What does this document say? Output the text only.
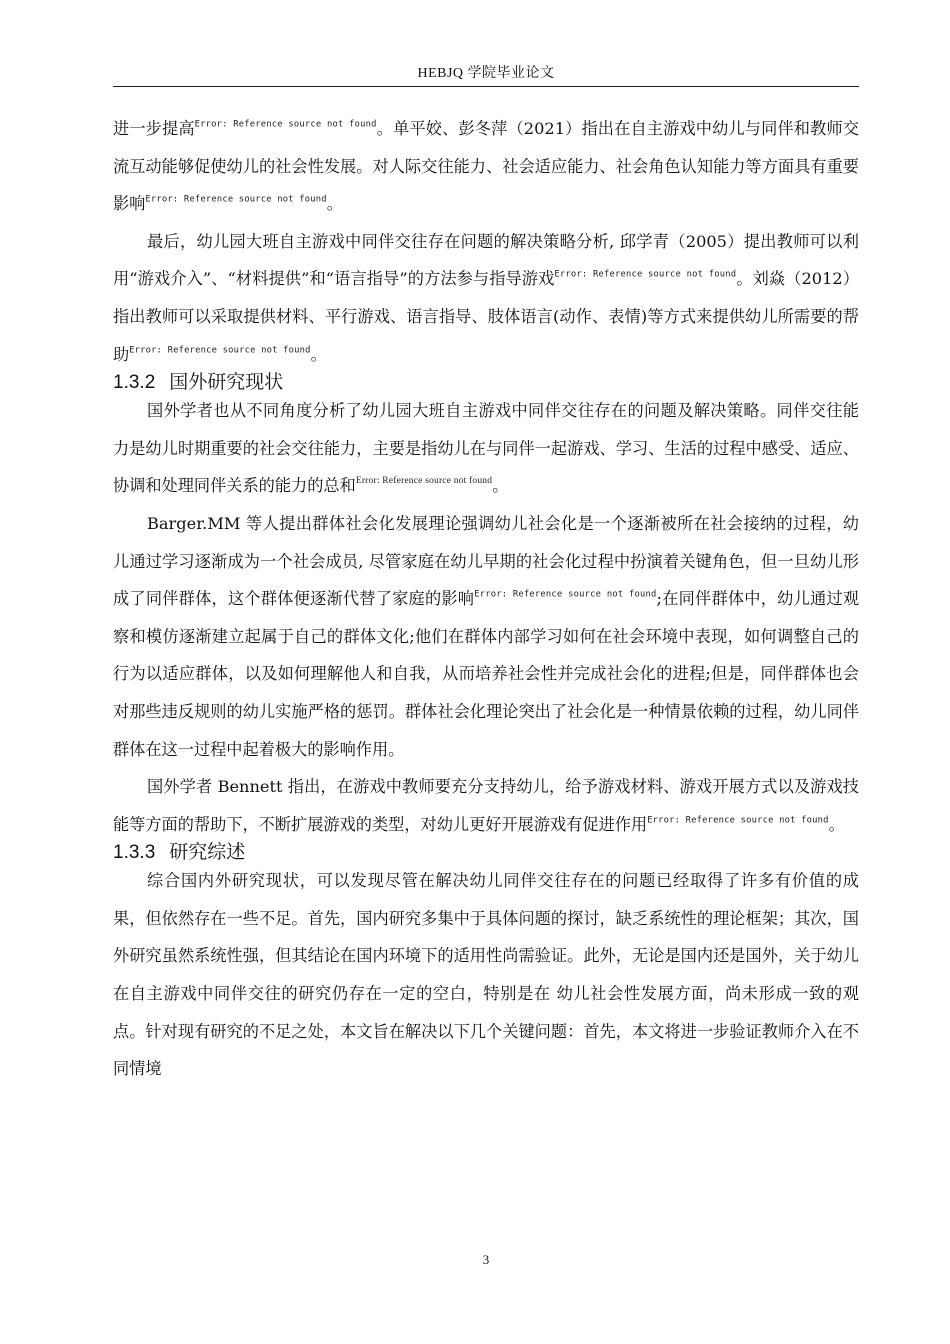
HEBJQ 学院毕业论文

进一步提高$^{Error: Reference source not found}$。单平姣、彭冬萍（2021）指出在自主游戏中幼儿与同伴和教师交流互动能够促使幼儿的社会性发展。对人际交往能力、社会适应能力、社会角色认知能力等方面具有重要影响$^{Error: Reference source not found}$。

最后，幼儿园大班自主游戏中同伴交往存在问题的解决策略分析, 邱学青（2005）提出教师可以利用“游戏介入”、“材料提供”和“语言指导”的方法参与指导游戏$^{Error: Reference source not found}$。刘焱（2012）指出教师可以采取提供材料、平行游戏、语言指导、肢体语言(动作、表情)等方式来提供幼儿所需要的帮助$^{Error: Reference source not found}$。

1.3.2 国外研究现状

国外学者也从不同角度分析了幼儿园大班自主游戏中同伴交往存在的问题及解决策略。同伴交往能力是幼儿时期重要的社会交往能力，主要是指幼儿在与同伴一起游戏、学习、生活的过程中感受、适应、协调和处理同伴关系的能力的总和$^{Error: Reference source not found}$。

Barger.MM 等人提出群体社会化发展理论强调幼儿社会化是一个逐渐被所在社会接纳的过程，幼儿通过学习逐渐成为一个社会成员, 尽管家庭在幼儿早期的社会化过程中扮演着关键角色，但一旦幼儿形成了同伴群体，这个群体便逐渐代替了家庭的影响$^{Error: Reference source not found}$;在同伴群体中，幼儿通过观察和模仿逐渐建立起属于自己的群体文化;他们在群体内部学习如何在社会环境中表现，如何调整自己的行为以适应群体，以及如何理解他人和自我，从而培养社会性并完成社会化的进程;但是，同伴群体也会对那些违反规则的幼儿实施严格的惩罚。群体社会化理论突出了社会化是一种情景依赖的过程，幼儿同伴群体在这一过程中起着极大的影响作用。

国外学者 Bennett 指出，在游戏中教师要充分支持幼儿，给予游戏材料、游戏开展方式以及游戏技能等方面的帮助下，不断扩展游戏的类型，对幼儿更好开展游戏有促进作用$^{Error: Reference source not found}$。

1.3.3 研究综述

综合国内外研究现状，可以发现尽管在解决幼儿同伴交往存在的问题已经取得了许多有价值的成果，但依然存在一些不足。首先，国内研究多集中于具体问题的探讨，缺乏系统性的理论框架；其次，国外研究虽然系统性强，但其结论在国内环境下的适用性尚需验证。此外，无论是国内还是国外，关于幼儿在自主游戏中同伴交往的研究仍存在一定的空白，特别是在 幼儿社会性发展方面，尚未形成一致的观点。针对现有研究的不足之处，本文旨在解决以下几个关键问题：首先，本文将进一步验证教师介入在不同情境

3
